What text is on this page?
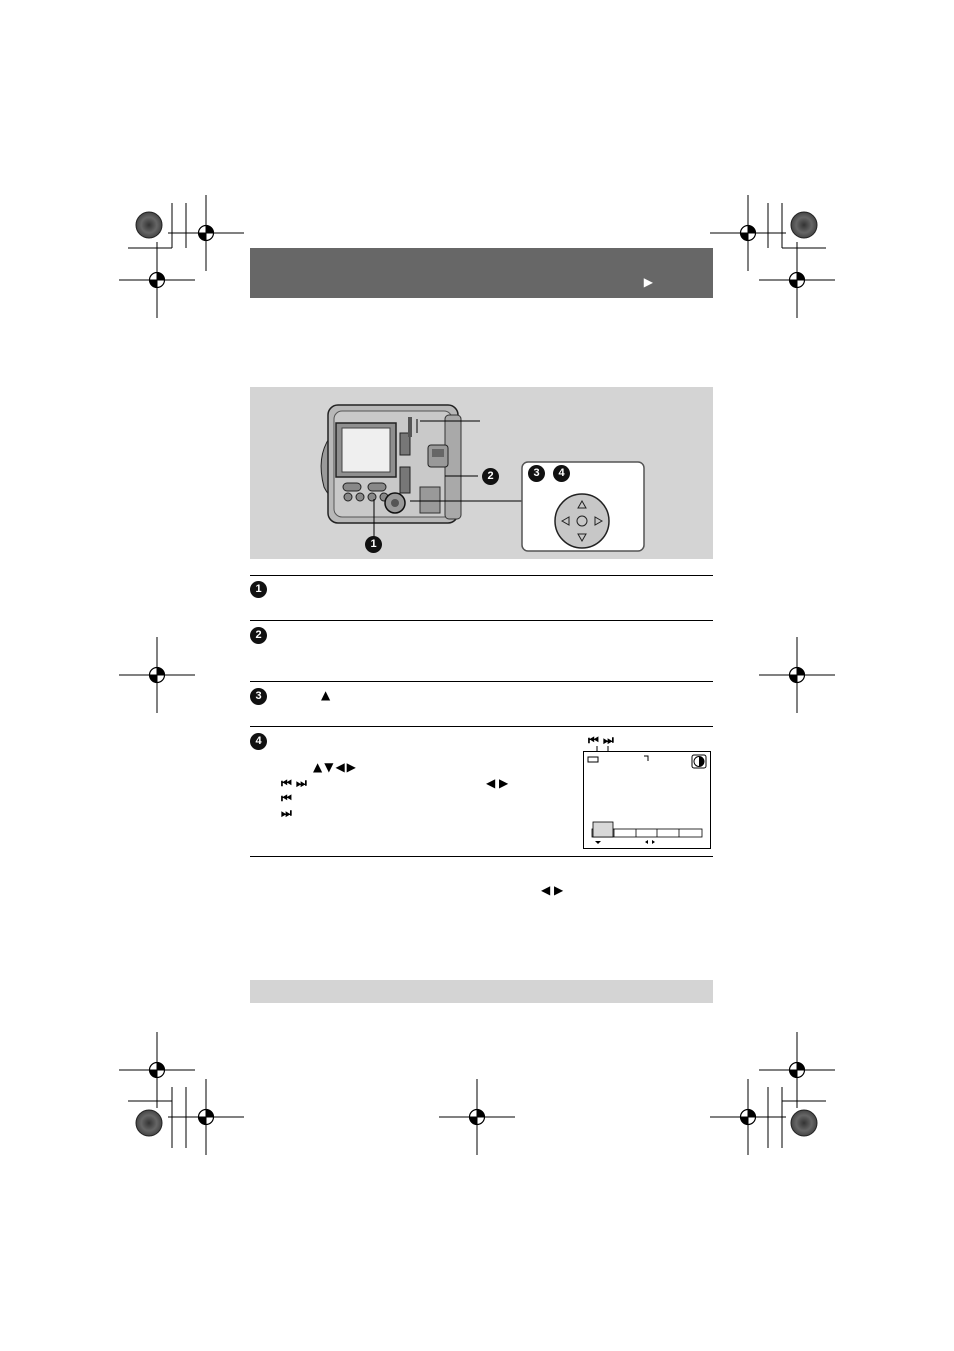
▶
1
2	3	4
1
2
3	▲
4
▲▼◀▶
⏮ ⏭	◀ ▶
⏮
⏭
⏮ ⏭
◀ ▶
